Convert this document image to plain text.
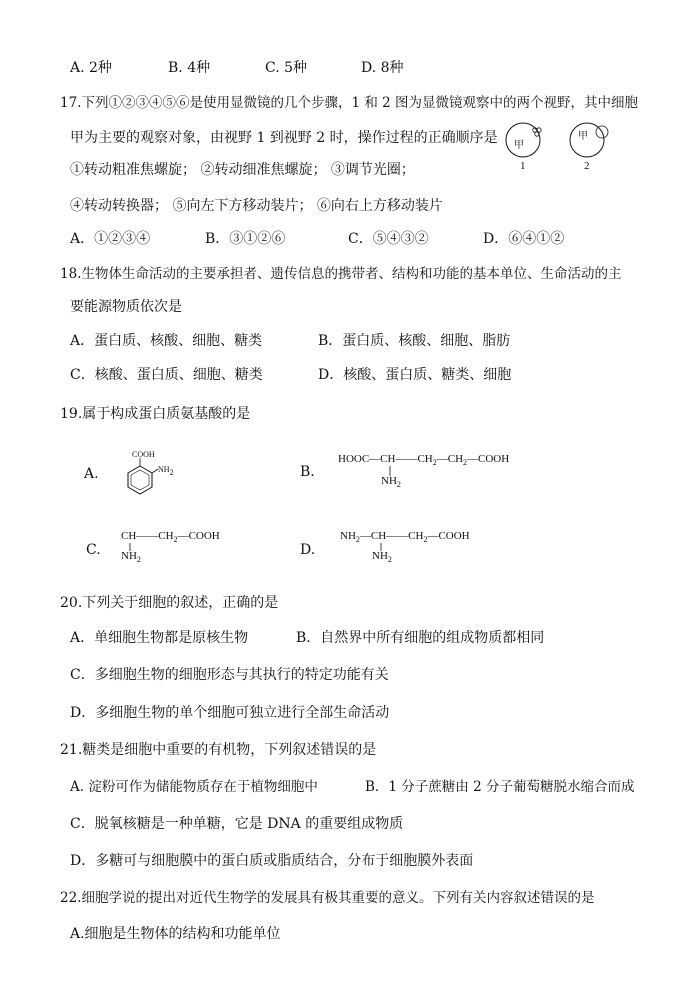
A. 2种	B. 4种	C. 5种	D. 8种
17.下列①②③④⑤⑥是使用显微镜的几个步骤，1 和 2 图为显微镜观察中的两个视野，其中细胞
甲为主要的观察对象，由视野 1 到视野 2 时，操作过程的正确顺序是 甲
甲
1	2
①转动粗准焦螺旋； ②转动细准焦螺旋； ③调节光圈；
④转动转换器； ⑤向左下方移动装片； ⑥向右上方移动装片
A．①②③④	B．③①②⑥	C．⑤④③②	D．⑥④①②
18.生物体生命活动的主要承担者、遗传信息的携带者、结构和功能的基本单位、生命活动的主
要能源物质依次是
A．蛋白质、核酸、细胞、糖类	B．蛋白质、核酸、细胞、脂肪
C．核酸、蛋白质、细胞、糖类	D．核酸、蛋白质、糖类、细胞
19.属于构成蛋白质氨基酸的是
A.
COOH
NH2	B.
$HOOC—CH——CH_2—CH_2—COOH$
$NH_2$
C.
$CH——CH_2—COOH$
$NH_2$
D.
$NH_2—CH——CH_2—COOH$
$NH_2$
20.下列关于细胞的叙述，正确的是
A．单细胞生物都是原核生物	B．自然界中所有细胞的组成物质都相同
C．多细胞生物的细胞形态与其执行的特定功能有关
D．多细胞生物的单个细胞可独立进行全部生命活动
21.糖类是细胞中重要的有机物，下列叙述错误的是
A. 淀粉可作为储能物质存在于植物细胞中	B．1 分子蔗糖由 2 分子葡萄糖脱水缩合而成
C．脱氧核糖是一种单糖，它是 DNA 的重要组成物质
D．多糖可与细胞膜中的蛋白质或脂质结合，分布于细胞膜外表面
22.细胞学说的提出对近代生物学的发展具有极其重要的意义。下列有关内容叙述错误的是
A.细胞是生物体的结构和功能单位
